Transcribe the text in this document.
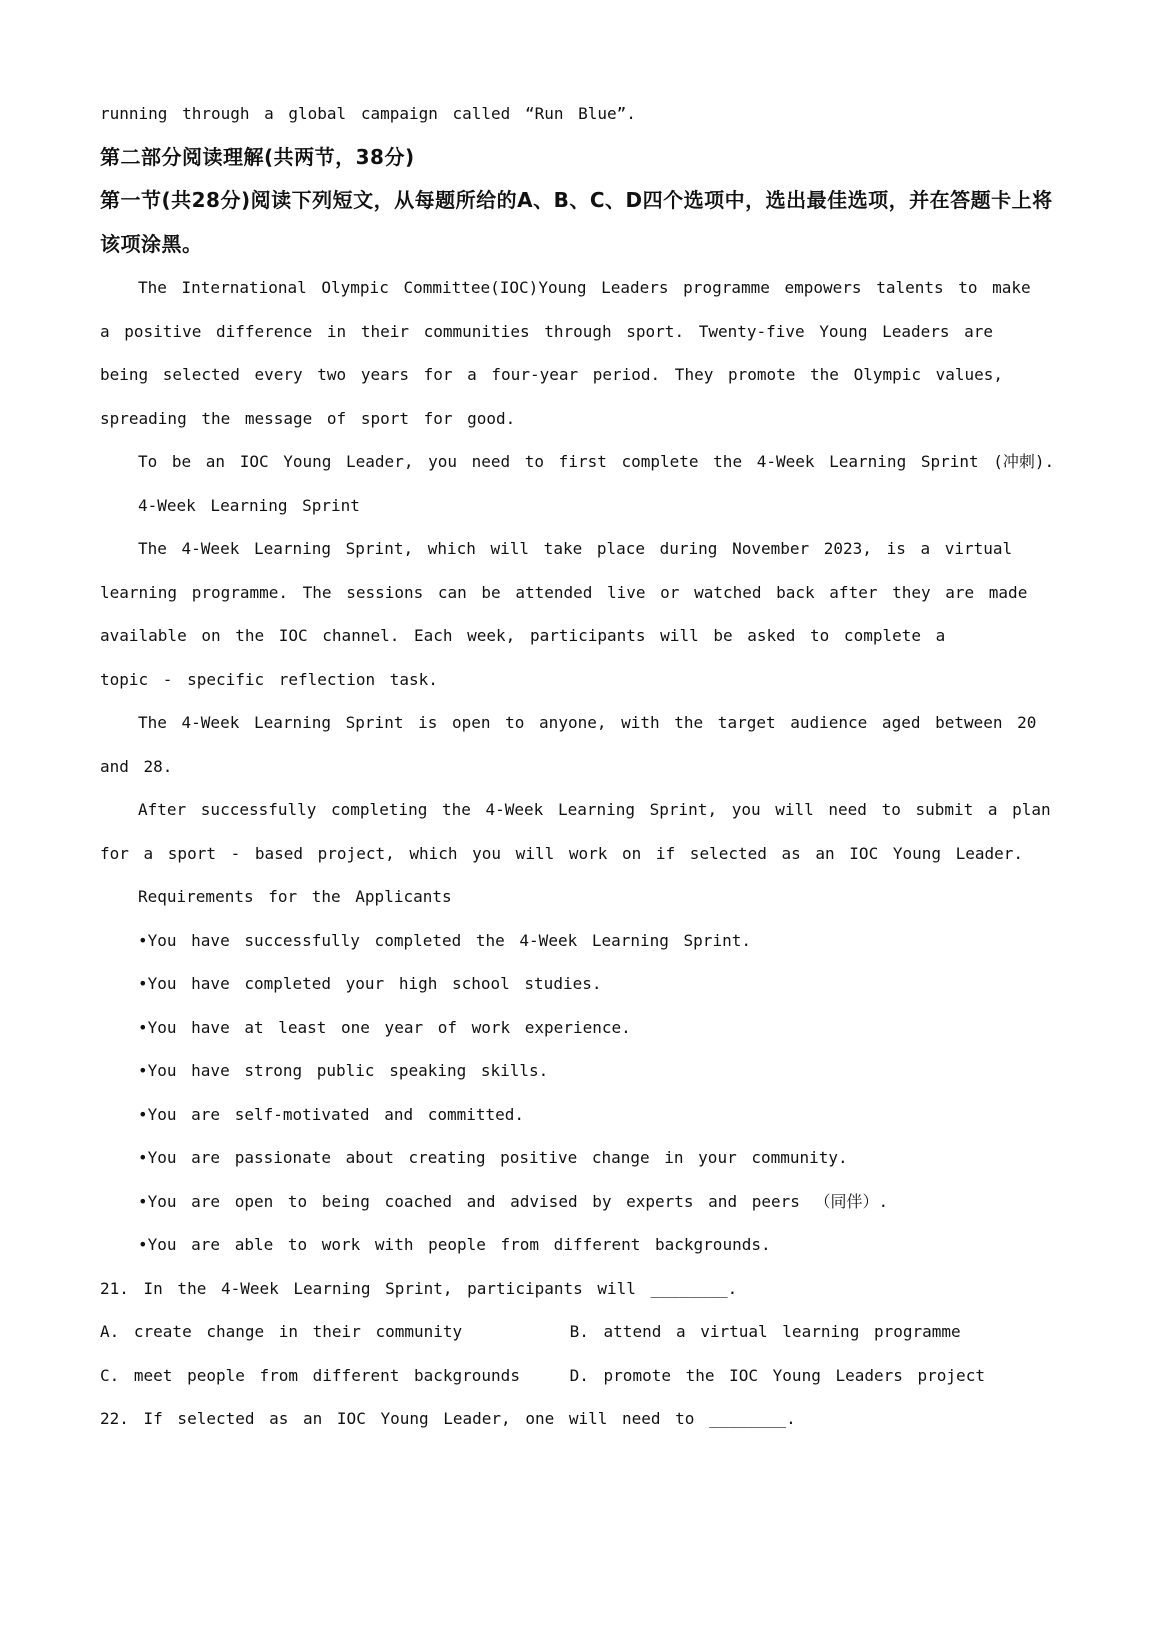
running through a global campaign called “Run Blue”.
第二部分阅读理解(共两节，38分)
第一节(共28分)阅读下列短文，从每题所给的A、B、C、D四个选项中，选出最佳选项，并在答题卡上将
该项涂黑。
The International Olympic Committee(IOC)Young Leaders programme empowers talents to make
a positive difference in their communities through sport. Twenty-five Young Leaders are
being selected every two years for a four-year period. They promote the Olympic values,
spreading the message of sport for good.
To be an IOC Young Leader, you need to first complete the 4-Week Learning Sprint (冲刺).
4-Week Learning Sprint
The 4-Week Learning Sprint, which will take place during November 2023, is a virtual
learning programme. The sessions can be attended live or watched back after they are made
available on the IOC channel. Each week, participants will be asked to complete a
topic - specific reflection task.
The 4-Week Learning Sprint is open to anyone, with the target audience aged between 20
and 28.
After successfully completing the 4-Week Learning Sprint, you will need to submit a plan
for a sport - based project, which you will work on if selected as an IOC Young Leader.
Requirements for the Applicants
•You have successfully completed the 4-Week Learning Sprint.
•You have completed your high school studies.
•You have at least one year of work experience.
•You have strong public speaking skills.
•You are self-motivated and committed.
•You are passionate about creating positive change in your community.
•You are open to being coached and advised by experts and peers （同伴）.
•You are able to work with people from different backgrounds.
21. In the 4-Week Learning Sprint, participants will ________.
A. create change in their community	B. attend a virtual learning programme
C. meet people from different backgrounds	D. promote the IOC Young Leaders project
22. If selected as an IOC Young Leader, one will need to ________.
